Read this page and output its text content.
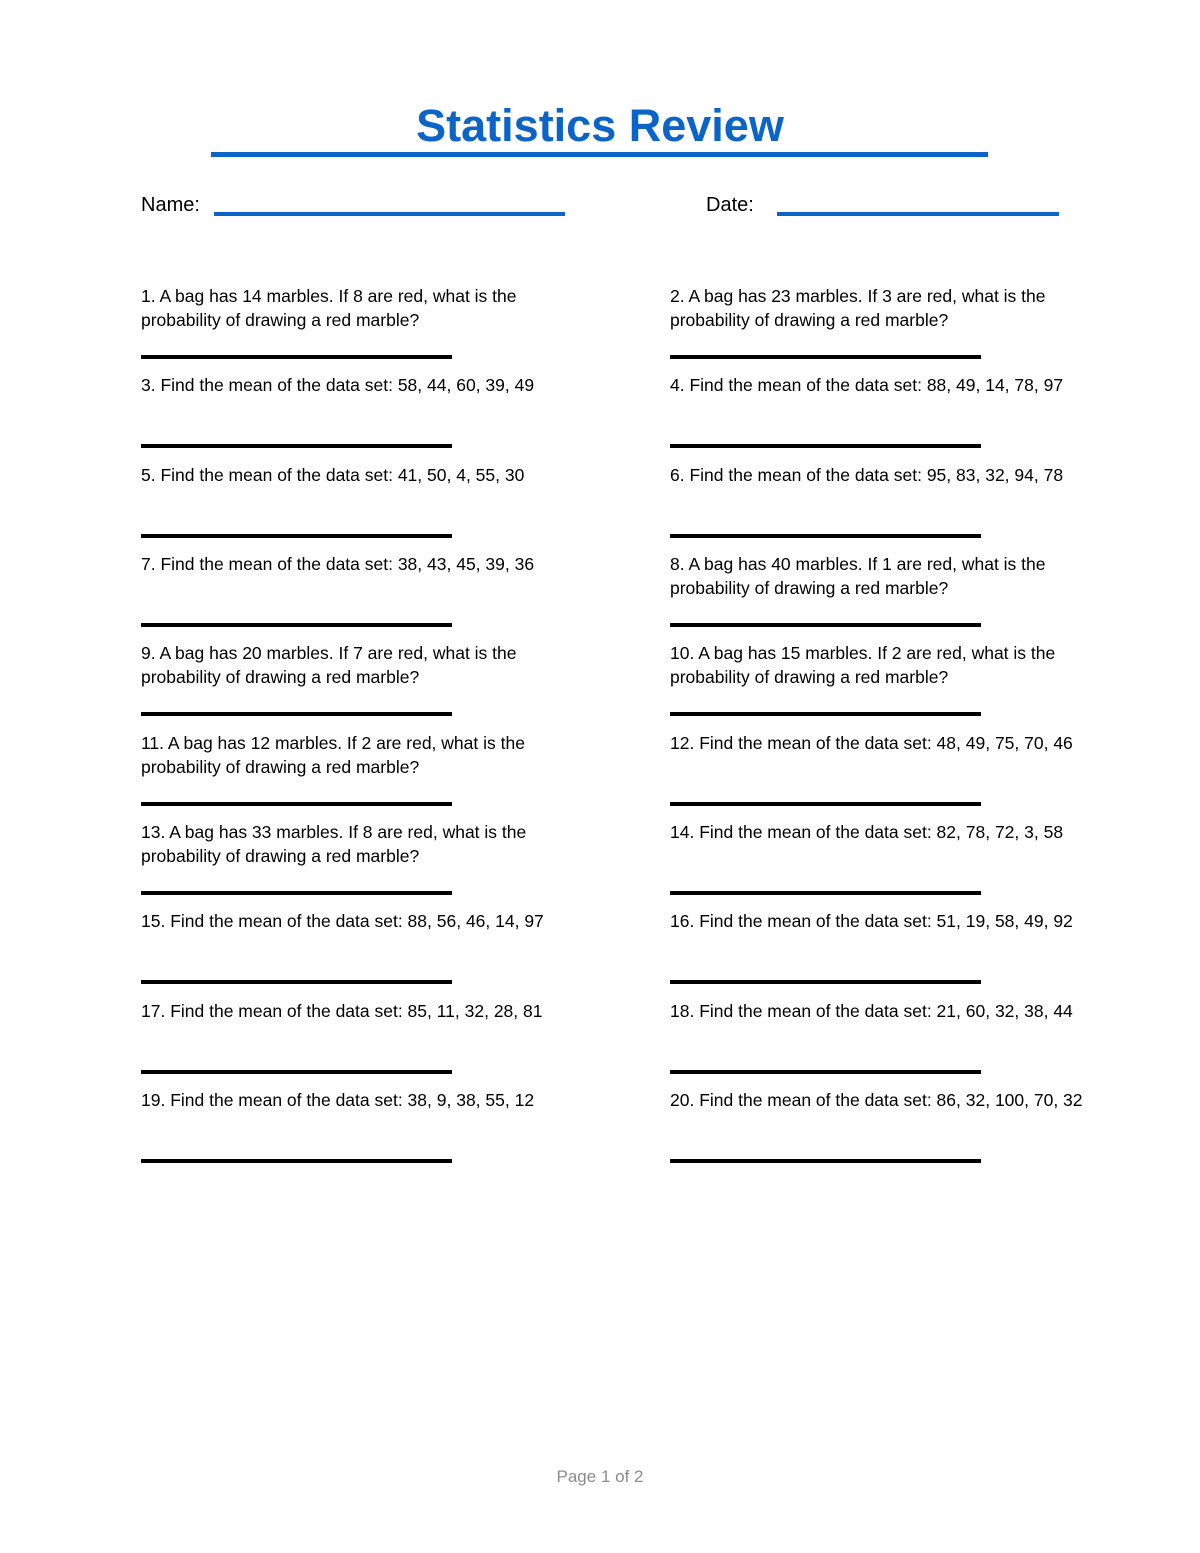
Statistics Review
Name:	Date:
1. A bag has 14 marbles. If 8 are red, what is the probability of drawing a red marble?
2. A bag has 23 marbles. If 3 are red, what is the probability of drawing a red marble?
3. Find the mean of the data set: 58, 44, 60, 39, 49	4. Find the mean of the data set: 88, 49, 14, 78, 97
5. Find the mean of the data set: 41, 50, 4, 55, 30	6. Find the mean of the data set: 95, 83, 32, 94, 78
7. Find the mean of the data set: 38, 43, 45, 39, 36	8. A bag has 40 marbles. If 1 are red, what is the probability of drawing a red marble?
9. A bag has 20 marbles. If 7 are red, what is the probability of drawing a red marble?
10. A bag has 15 marbles. If 2 are red, what is the probability of drawing a red marble?
11. A bag has 12 marbles. If 2 are red, what is the probability of drawing a red marble?
12. Find the mean of the data set: 48, 49, 75, 70, 46
13. A bag has 33 marbles. If 8 are red, what is the probability of drawing a red marble?
14. Find the mean of the data set: 82, 78, 72, 3, 58
15. Find the mean of the data set: 88, 56, 46, 14, 97	16. Find the mean of the data set: 51, 19, 58, 49, 92
17. Find the mean of the data set: 85, 11, 32, 28, 81	18. Find the mean of the data set: 21, 60, 32, 38, 44
19. Find the mean of the data set: 38, 9, 38, 55, 12	20. Find the mean of the data set: 86, 32, 100, 70, 32
Page 1 of 2
